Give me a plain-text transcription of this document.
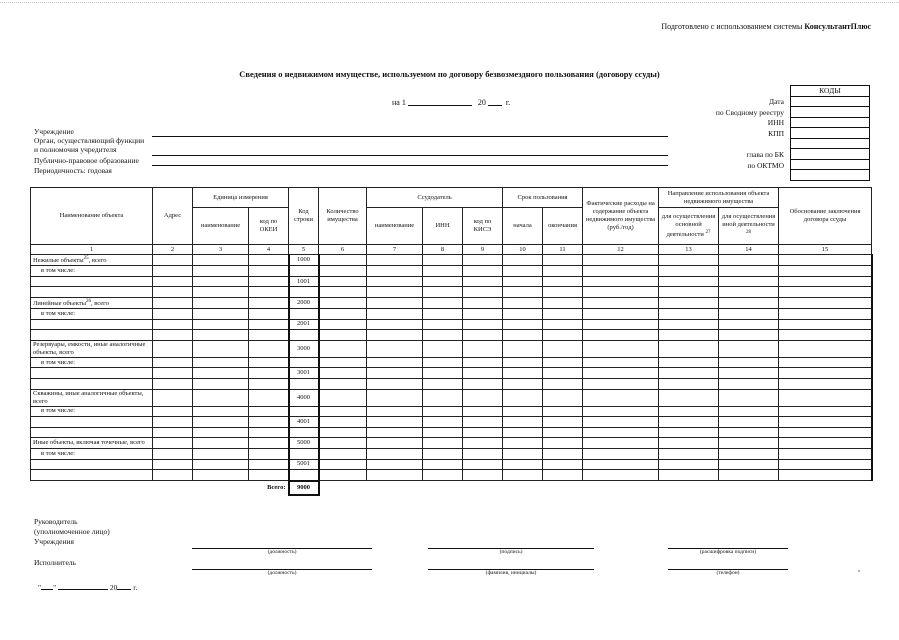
Подготовлено с использованием системы КонсультантПлюс
Сведения о недвижимом имуществе, используемом по договору безвозмездного пользования (договору ссуды)
на 1	20	г.
КОДЫ

Дата
по Сводному реестру
ИНН
КПП
глава по БК
по ОКТМО
Учреждение
Орган, осуществляющий функции
и полномочия учредителя
Публично-правовое образование
Периодичность: годовая
Наименование объекта	Адрес	Единица измерения		Код строки	Количество имущества	Ссудодатель			Срок пользования		Фактические расходы на содержание объекта недвижимого имущества (руб./год)	Направление использования объекта недвижимого имущества		Обоснование заключения договора ссуды
		наименование	код по ОКЕИ			наименование	ИНН	код по КИСЭ	начала	окончания		для осуществления основной деятельности $^{27}$	для осуществления иной деятельности $^{28}$
1	2	3	4	5	6	7	8	9	10	11	12	13	14	15
Нежилые объекты$^{25}$, всего				1000										
в том числе:														
				1001										

Линейные объекты$^{26}$, всего				2000										
в том числе:														
				2001										

Резервуары, емкости, иные аналогичные объекты, всего				3000										
в том числе:														
				3001										

Скважины, иные аналогичные объекты, всего				4000										
в том числе:														
				4001										

Иные объекты, включая точечные, всего				5000										
в том числе:														
				5001										

Всего:				9000										
Руководитель
(уполномоченное лицо)
Учреждения
(должность)	(подпись)	(расшифровка подписи)
Исполнитель
(должность)	(фамилия, инициалы)	(телефон)
" "	20 г.
